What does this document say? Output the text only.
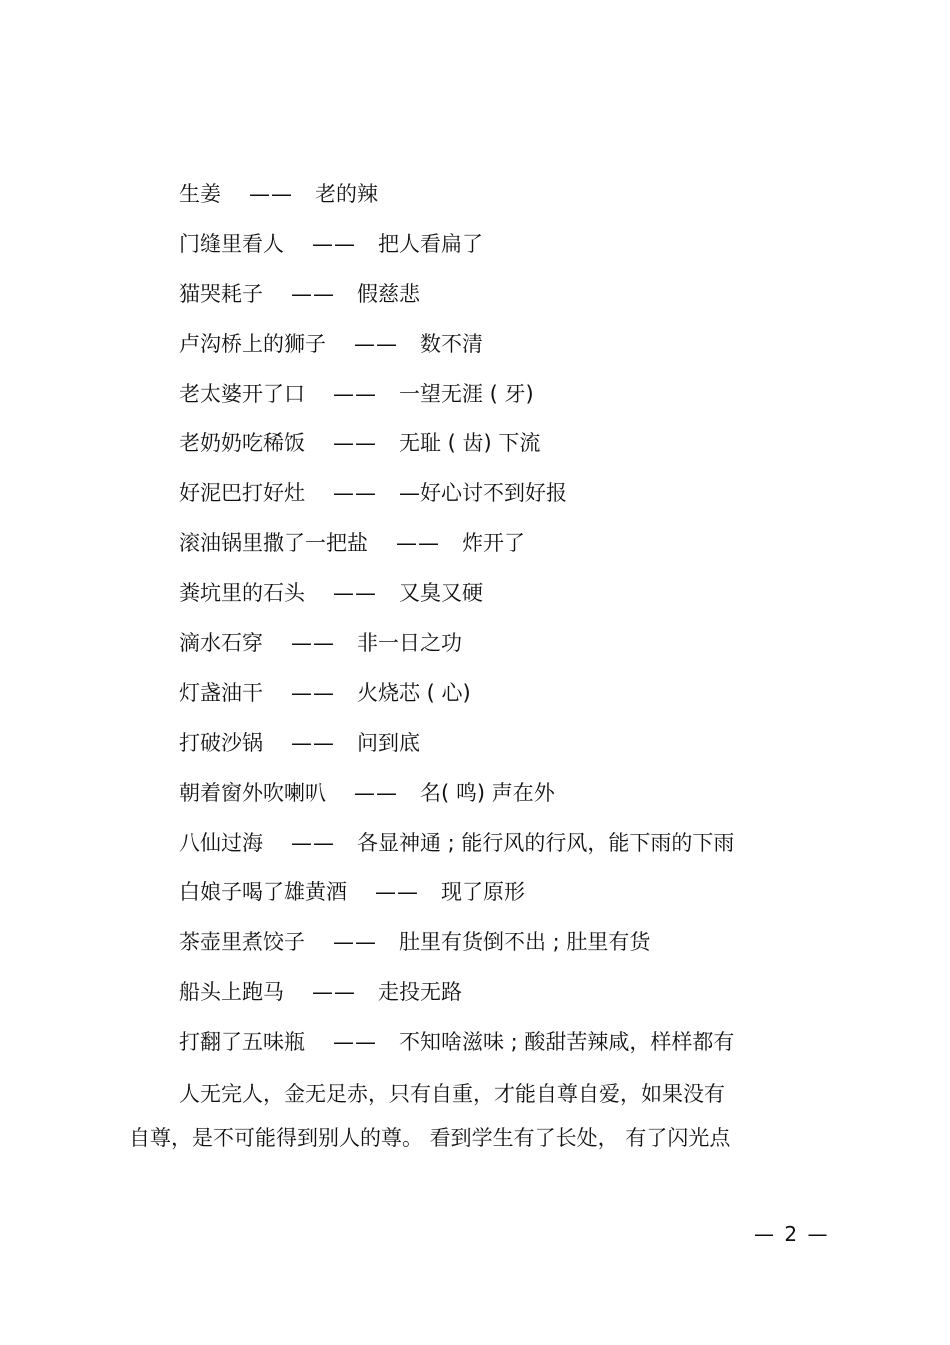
生姜 —— 老的辣
门缝里看人 —— 把人看扁了
猫哭耗子 —— 假慈悲
卢沟桥上的狮子 —— 数不清
老太婆开了口 —— 一望无涯 ( 牙)
老奶奶吃稀饭 —— 无耻 ( 齿) 下流
好泥巴打好灶 —— —好心讨不到好报
滚油锅里撒了一把盐 —— 炸开了
粪坑里的石头 —— 又臭又硬
滴水石穿 —— 非一日之功
灯盏油干 —— 火烧芯 ( 心)
打破沙锅 —— 问到底
朝着窗外吹喇叭 —— 名( 鸣) 声在外
八仙过海 —— 各显神通 ; 能行风的行风，能下雨的下雨
白娘子喝了雄黄酒 —— 现了原形
茶壶里煮饺子 —— 肚里有货倒不出 ; 肚里有货
船头上跑马 —— 走投无路
打翻了五味瓶 —— 不知啥滋味 ; 酸甜苦辣咸，样样都有
人无完人，金无足赤，只有自重，才能自尊自爱，如果没有
自尊，是不可能得到别人的尊。 看到学生有了长处， 有了闪光点
— 2 —
